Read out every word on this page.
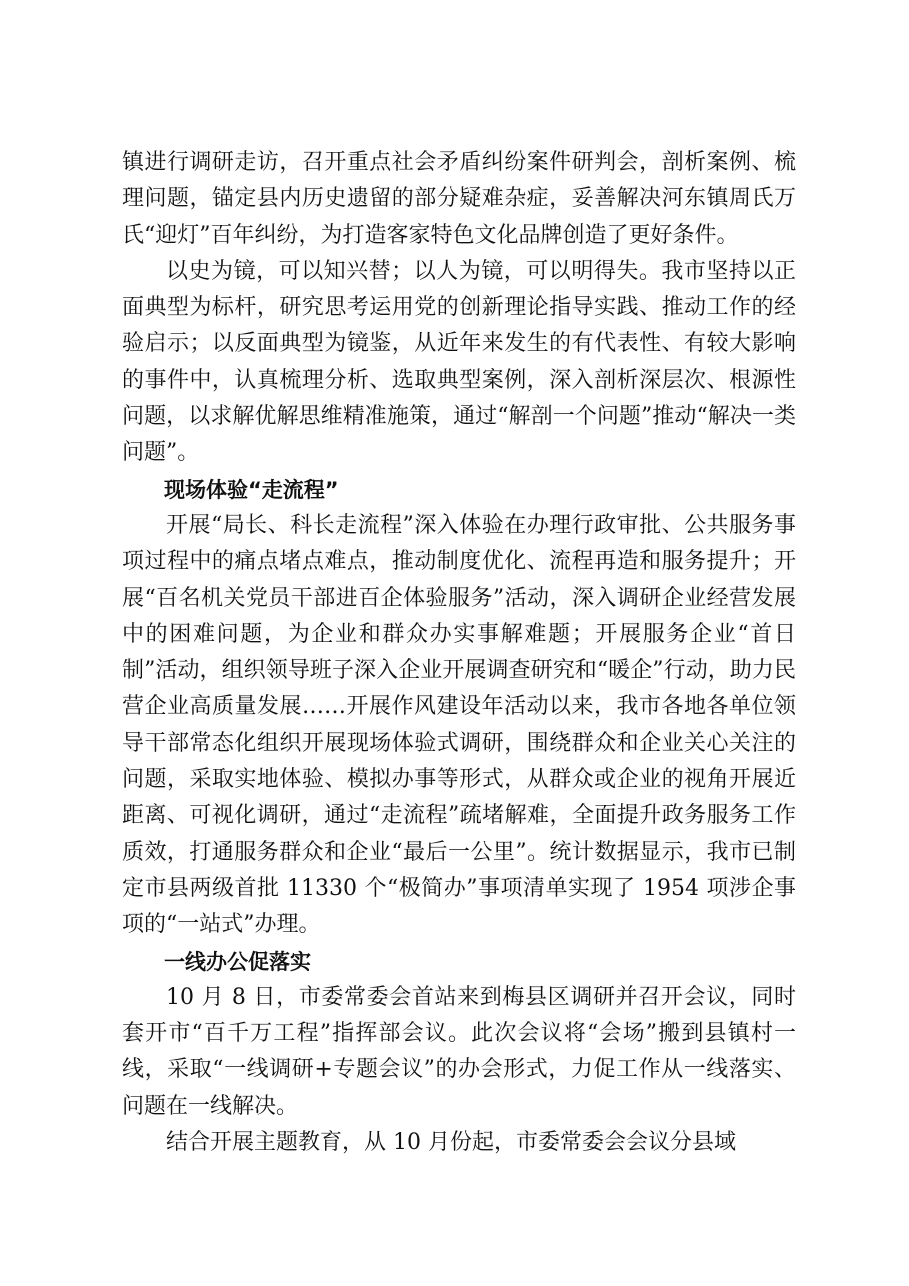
镇进行调研走访，召开重点社会矛盾纠纷案件研判会，剖析案例、梳理问题，锚定县内历史遗留的部分疑难杂症，妥善解决河东镇周氏万氏“迎灯”百年纠纷，为打造客家特色文化品牌创造了更好条件。

以史为镜，可以知兴替；以人为镜，可以明得失。我市坚持以正面典型为标杆，研究思考运用党的创新理论指导实践、推动工作的经验启示；以反面典型为镜鉴，从近年来发生的有代表性、有较大影响的事件中，认真梳理分析、选取典型案例，深入剖析深层次、根源性问题，以求解优解思维精准施策，通过“解剖一个问题”推动“解决一类问题”。

现场体验“走流程”

开展“局长、科长走流程”深入体验在办理行政审批、公共服务事项过程中的痛点堵点难点，推动制度优化、流程再造和服务提升；开展“百名机关党员干部进百企体验服务”活动，深入调研企业经营发展中的困难问题，为企业和群众办实事解难题；开展服务企业“首日制”活动，组织领导班子深入企业开展调查研究和“暖企”行动，助力民营企业高质量发展……开展作风建设年活动以来，我市各地各单位领导干部常态化组织开展现场体验式调研，围绕群众和企业关心关注的问题，采取实地体验、模拟办事等形式，从群众或企业的视角开展近距离、可视化调研，通过“走流程”疏堵解难，全面提升政务服务工作质效，打通服务群众和企业“最后一公里”。统计数据显示，我市已制定市县两级首批 11330 个“极简办”事项清单实现了 1954 项涉企事项的“一站式”办理。

一线办公促落实

10 月 8 日，市委常委会首站来到梅县区调研并召开会议，同时套开市“百千万工程”指挥部会议。此次会议将“会场”搬到县镇村一线，采取“一线调研+专题会议”的办会形式，力促工作从一线落实、问题在一线解决。

结合开展主题教育，从 10 月份起，市委常委会会议分县域
